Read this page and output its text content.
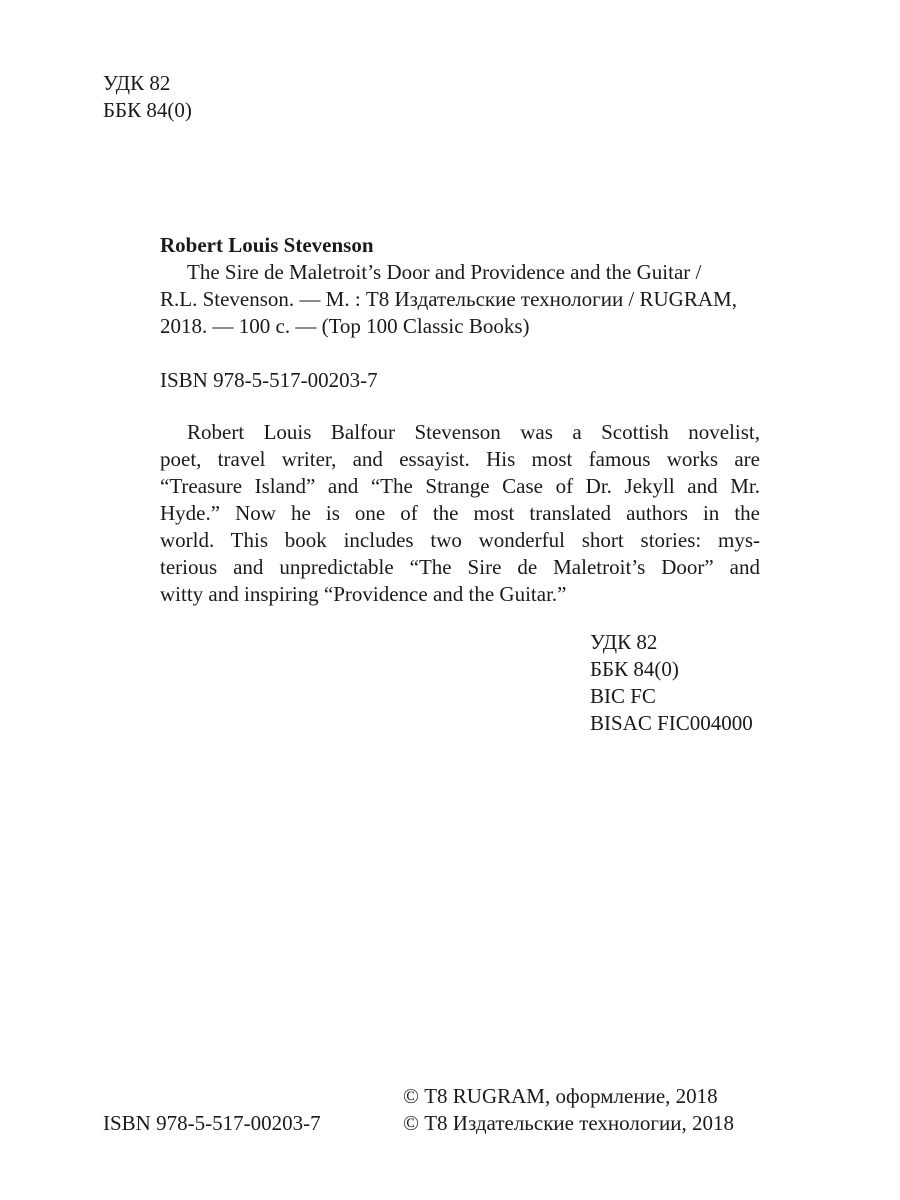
УДК 82
ББК 84(0)
Robert Louis Stevenson
The Sire de Maletroit’s Door and Providence and the Guitar /
R.L. Stevenson. — М. : Т8 Издательские технологии / RUGRAM,
2018. — 100 с. — (Top 100 Classic Books)
ISBN 978-5-517-00203-7
Robert Louis Balfour Stevenson was a Scottish novelist,
poet, travel writer, and essayist. His most famous works are
“Treasure Island” and “The Strange Case of Dr. Jekyll and Mr.
Hyde.” Now he is one of the most translated authors in the
world. This book includes two wonderful short stories: mys-
terious and unpredictable “The Sire de Maletroit’s Door” and
witty and inspiring “Providence and the Guitar.”
УДК 82
ББК 84(0)
BIC FC
BISAC FIC004000
ISBN 978-5-517-00203-7
© Т8 RUGRAM, оформление, 2018
© Т8 Издательские технологии, 2018
